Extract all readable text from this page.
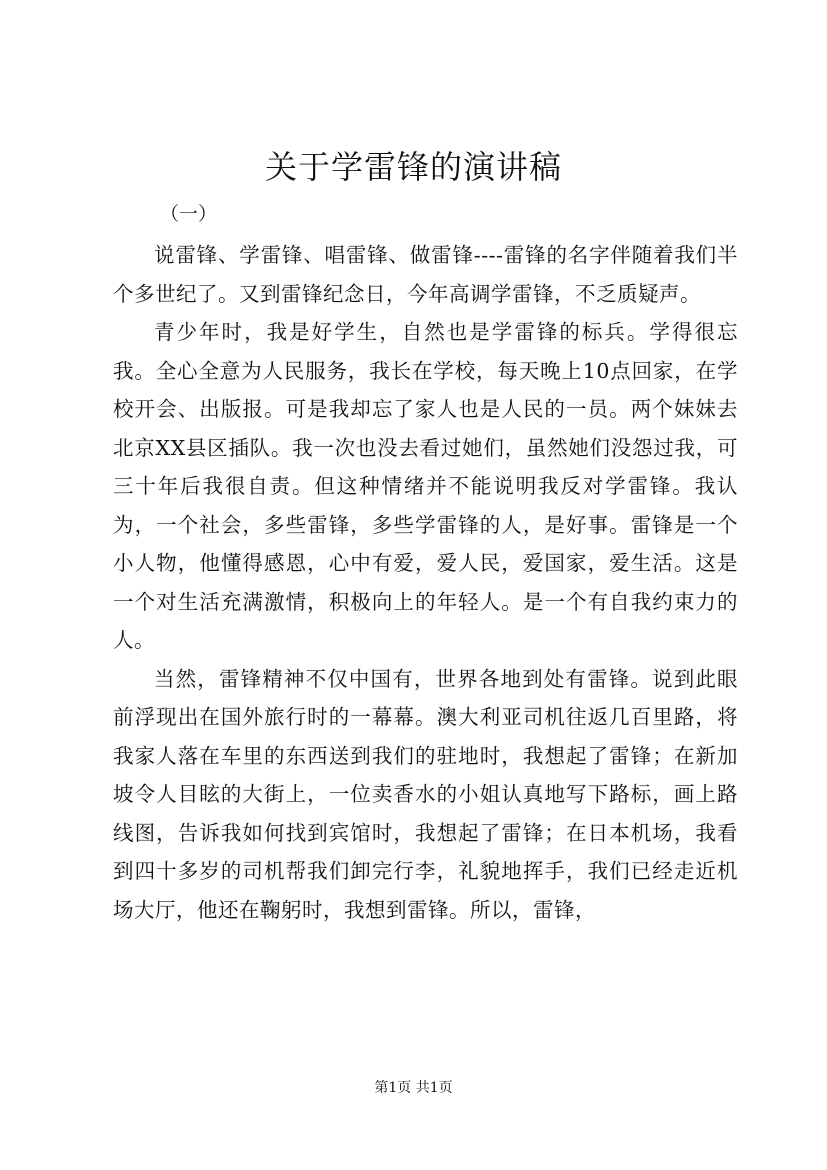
关于学雷锋的演讲稿
（一）

说雷锋、学雷锋、唱雷锋、做雷锋----雷锋的名字伴随着我们半个多世纪了。又到雷锋纪念日，今年高调学雷锋，不乏质疑声。

青少年时，我是好学生，自然也是学雷锋的标兵。学得很忘我。全心全意为人民服务，我长在学校，每天晚上10点回家，在学校开会、出版报。可是我却忘了家人也是人民的一员。两个妹妹去北京XX县区插队。我一次也没去看过她们，虽然她们没怨过我，可三十年后我很自责。但这种情绪并不能说明我反对学雷锋。我认为，一个社会，多些雷锋，多些学雷锋的人，是好事。雷锋是一个小人物，他懂得感恩，心中有爱，爱人民，爱国家，爱生活。这是一个对生活充满激情，积极向上的年轻人。是一个有自我约束力的人。

当然，雷锋精神不仅中国有，世界各地到处有雷锋。说到此眼前浮现出在国外旅行时的一幕幕。澳大利亚司机往返几百里路，将我家人落在车里的东西送到我们的驻地时，我想起了雷锋；在新加坡令人目眩的大街上，一位卖香水的小姐认真地写下路标，画上路线图，告诉我如何找到宾馆时，我想起了雷锋；在日本机场，我看到四十多岁的司机帮我们卸完行李，礼貌地挥手，我们已经走近机场大厅，他还在鞠躬时，我想到雷锋。所以，雷锋，

第1页 共1页
